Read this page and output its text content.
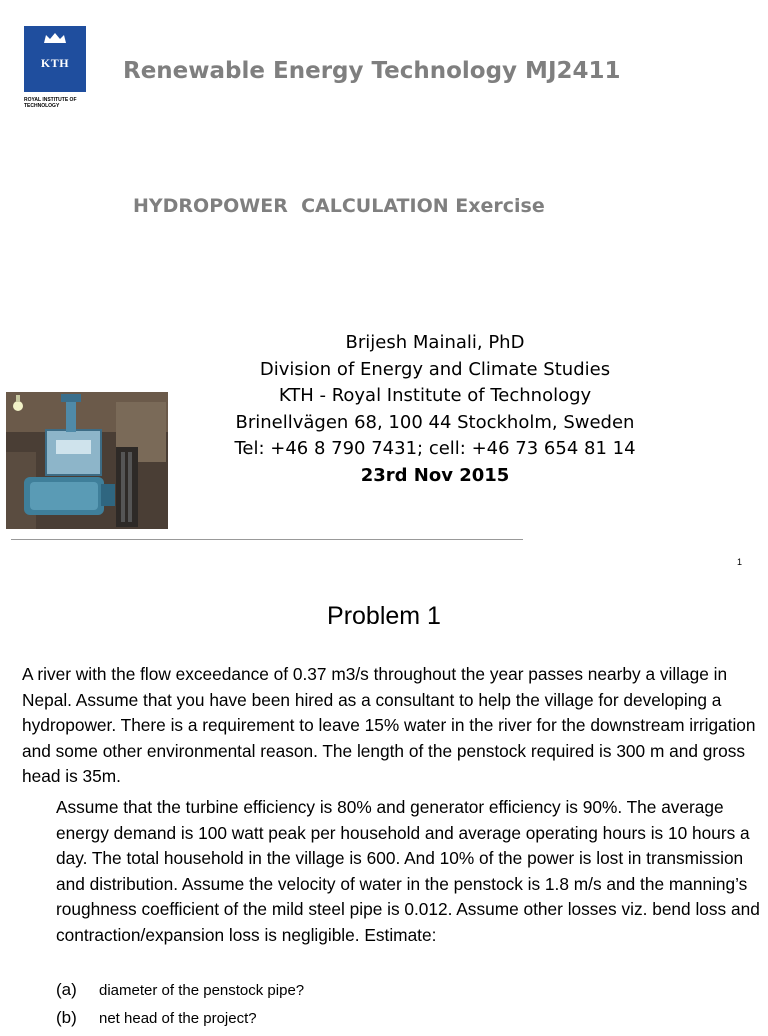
KTH
ROYAL INSTITUTE OF TECHNOLOGY
Renewable Energy Technology MJ2411
HYDROPOWER  CALCULATION Exercise
Brijesh Mainali, PhD
Division of Energy and Climate Studies
KTH - Royal Institute of Technology
Brinellvägen 68, 100 44 Stockholm, Sweden
Tel: +46 8 790 7431; cell: +46 73 654 81 14
23rd Nov 2015
1
Problem 1
A river with the flow exceedance of 0.37 m3/s throughout the year passes nearby a village in Nepal. Assume that you have been hired as a consultant to help the village for developing a hydropower. There is a requirement to leave 15% water in the river for the downstream irrigation and some other environmental reason. The length of the penstock required is 300 m and gross head is 35m.
Assume that the turbine efficiency is 80% and generator efficiency is 90%. The average energy demand is 100 watt peak per household and average operating hours is 10 hours a day. The total household in the village is 600. And 10% of the power is lost in transmission and distribution. Assume the velocity of water in the penstock is 1.8 m/s and the manning’s roughness coefficient of the mild steel pipe is 0.012. Assume other losses viz. bend loss and contraction/expansion loss is negligible. Estimate:
(a)	diameter of the penstock pipe?
(b)	net head of the project?
